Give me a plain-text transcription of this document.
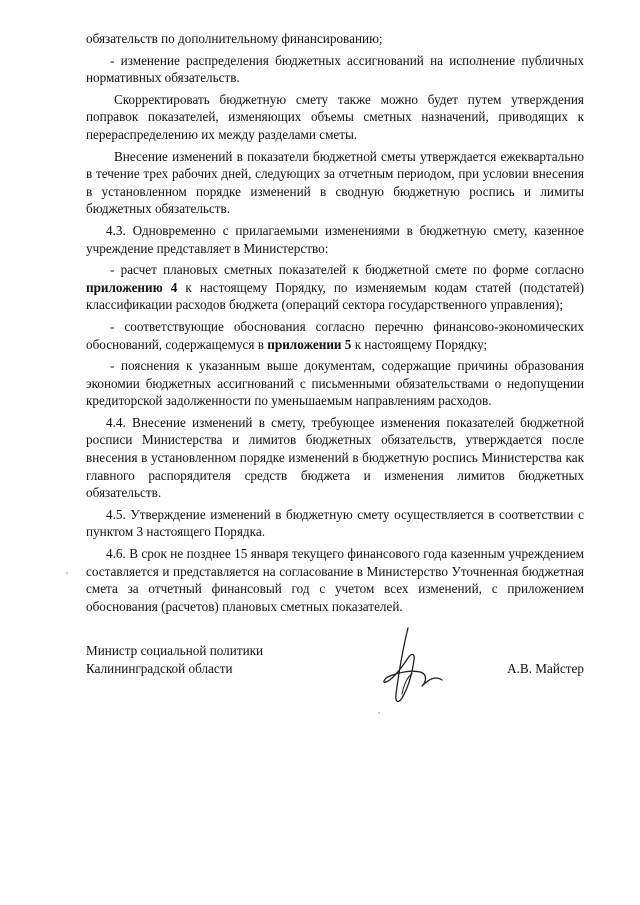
обязательств по дополнительному финансированию;

- изменение распределения бюджетных ассигнований на исполнение публичных нормативных обязательств.

Скорректировать бюджетную смету также можно будет путем утверждения поправок показателей, изменяющих объемы сметных назначений, приводящих к перераспределению их между разделами сметы.

Внесение изменений в показатели бюджетной сметы утверждается ежеквартально в течение трех рабочих дней, следующих за отчетным периодом, при условии внесения в установленном порядке изменений в сводную бюджетную роспись и лимиты бюджетных обязательств.

4.3. Одновременно с прилагаемыми изменениями в бюджетную смету, казенное учреждение представляет в Министерство:

- расчет плановых сметных показателей к бюджетной смете по форме согласно приложению 4 к настоящему Порядку, по изменяемым кодам статей (подстатей) классификации расходов бюджета (операций сектора государственного управления);

- соответствующие обоснования согласно перечню финансово-экономических обоснований, содержащемуся в приложении 5 к настоящему Порядку;

- пояснения к указанным выше документам, содержащие причины образования экономии бюджетных ассигнований с письменными обязательствами о недопущении кредиторской задолженности по уменьшаемым направлениям расходов.

4.4. Внесение изменений в смету, требующее изменения показателей бюджетной росписи Министерства и лимитов бюджетных обязательств, утверждается после внесения в установленном порядке изменений в бюджетную роспись Министерства как главного распорядителя средств бюджета и изменения лимитов бюджетных обязательств.

4.5. Утверждение изменений в бюджетную смету осуществляется в соответствии с пунктом 3 настоящего Порядка.

4.6. В срок не позднее 15 января текущего финансового года казенным учреждением составляется и представляется на согласование в Министерство Уточненная бюджетная смета за отчетный финансовый год с учетом всех изменений, с приложением обоснования (расчетов) плановых сметных показателей.

Министр социальной политики
Калининградской области	А.В. Майстер
